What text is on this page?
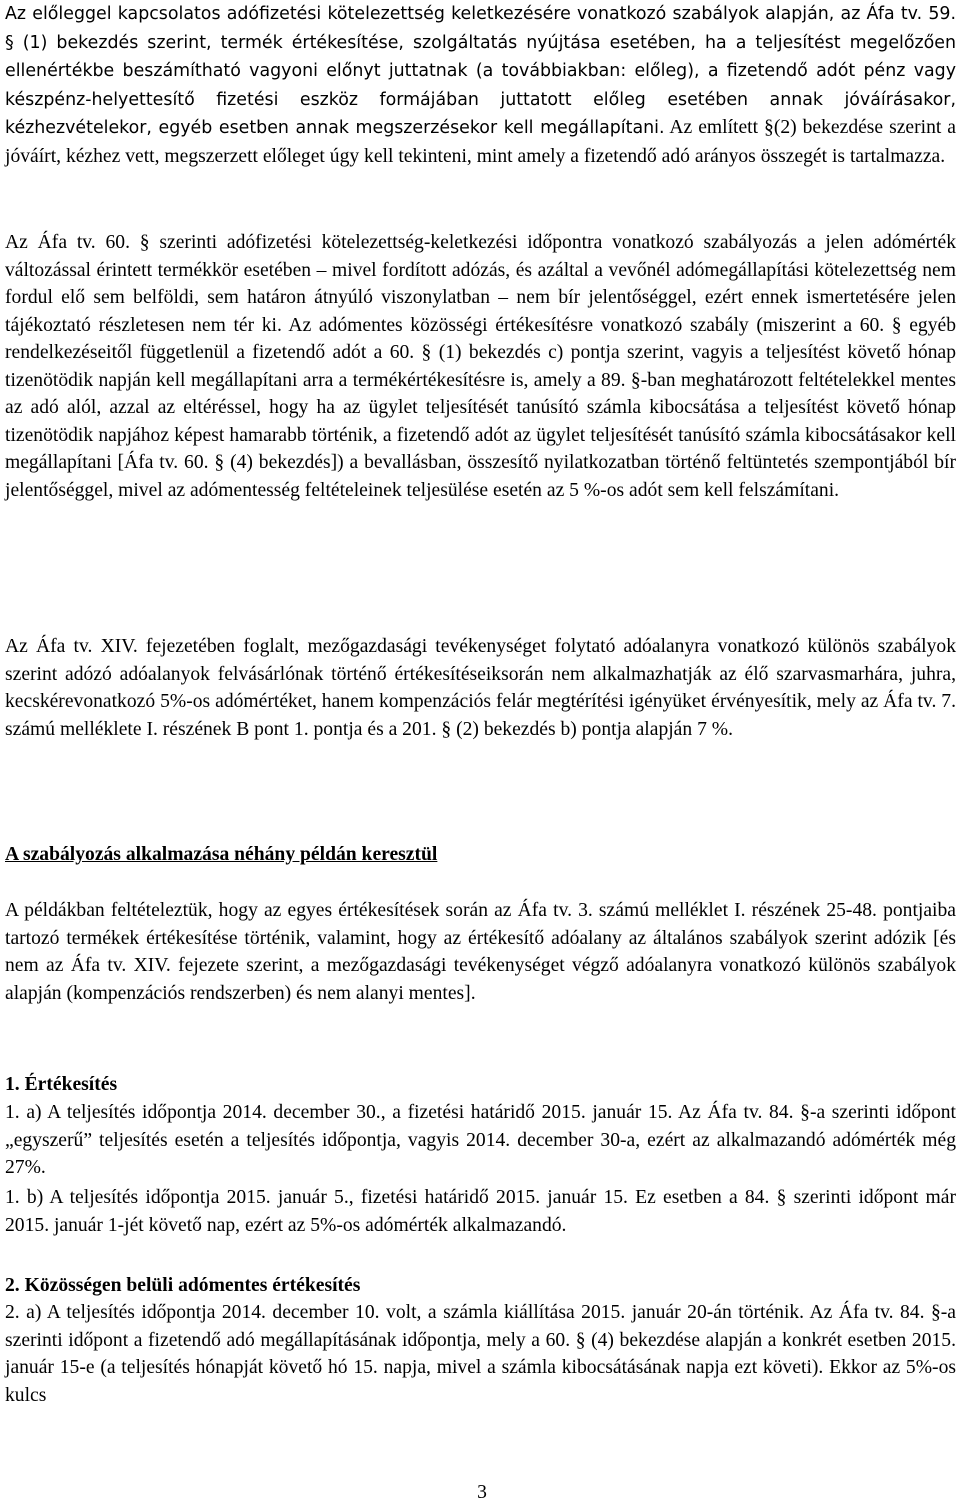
Az előleggel kapcsolatos adófizetési kötelezettség keletkezésére vonatkozó szabályok alapján, az Áfa tv. 59. § (1) bekezdés szerint, termék értékesítése, szolgáltatás nyújtása esetében, ha a teljesítést megelőzően ellenértékbe beszámítható vagyoni előnyt juttatnak (a továbbiakban: előleg), a fizetendő adót pénz vagy készpénz-helyettesítő fizetési eszköz formájában juttatott előleg esetében annak jóváírásakor, kézhezvételekor, egyéb esetben annak megszerzésekor kell megállapítani. Az említett §(2) bekezdése szerint a jóváírt, kézhez vett, megszerzett előleget úgy kell tekinteni, mint amely a fizetendő adó arányos összegét is tartalmazza.

Az Áfa tv. 60. § szerinti adófizetési kötelezettség-keletkezési időpontra vonatkozó szabályozás a jelen adómérték változással érintett termékkör esetében – mivel fordított adózás, és azáltal a vevőnél adómegállapítási kötelezettség nem fordul elő sem belföldi, sem határon átnyúló viszonylatban – nem bír jelentőséggel, ezért ennek ismertetésére jelen tájékoztató részletesen nem tér ki. Az adómentes közösségi értékesítésre vonatkozó szabály (miszerint a 60. § egyéb rendelkezéseitől függetlenül a fizetendő adót a 60. § (1) bekezdés c) pontja szerint, vagyis a teljesítést követő hónap tizenötödik napján kell megállapítani arra a termékértékesítésre is, amely a 89. §-ban meghatározott feltételekkel mentes az adó alól, azzal az eltéréssel, hogy ha az ügylet teljesítését tanúsító számla kibocsátása a teljesítést követő hónap tizenötödik napjához képest hamarabb történik, a fizetendő adót az ügylet teljesítését tanúsító számla kibocsátásakor kell megállapítani [Áfa tv. 60. § (4) bekezdés]) a bevallásban, összesítő nyilatkozatban történő feltüntetés szempontjából bír jelentőséggel, mivel az adómentesség feltételeinek teljesülése esetén az 5 %-os adót sem kell felszámítani.

Az Áfa tv. XIV. fejezetében foglalt, mezőgazdasági tevékenységet folytató adóalanyra vonatkozó különös szabályok szerint adózó adóalanyok felvásárlónak történő értékesítéseiksorán nem alkalmazhatják az élő szarvasmarhára, juhra, kecskérevonatkozó 5%-os adómértéket, hanem kompenzációs felár megtérítési igényüket érvényesítik, mely az Áfa tv. 7. számú melléklete I. részének B pont 1. pontja és a 201. § (2) bekezdés b) pontja alapján 7 %.

A szabályozás alkalmazása néhány példán keresztül

A példákban feltételeztük, hogy az egyes értékesítések során az Áfa tv. 3. számú melléklet I. részének 25-48. pontjaiba tartozó termékek értékesítése történik, valamint, hogy az értékesítő adóalany az általános szabályok szerint adózik [és nem az Áfa tv. XIV. fejezete szerint, a mezőgazdasági tevékenységet végző adóalanyra vonatkozó különös szabályok alapján (kompenzációs rendszerben) és nem alanyi mentes].

1. Értékesítés

1. a) A teljesítés időpontja 2014. december 30., a fizetési határidő 2015. január 15. Az Áfa tv. 84. §-a szerinti időpont „egyszerű” teljesítés esetén a teljesítés időpontja, vagyis 2014. december 30-a, ezért az alkalmazandó adómérték még 27%.

1. b) A teljesítés időpontja 2015. január 5., fizetési határidő 2015. január 15. Ez esetben a 84. § szerinti időpont már 2015. január 1-jét követő nap, ezért az 5%-os adómérték alkalmazandó.

2. Közösségen belüli adómentes értékesítés

2. a) A teljesítés időpontja 2014. december 10. volt, a számla kiállítása 2015. január 20-án történik. Az Áfa tv. 84. §-a szerinti időpont a fizetendő adó megállapításának időpontja, mely a 60. § (4) bekezdése alapján a konkrét esetben 2015. január 15-e (a teljesítés hónapját követő hó 15. napja, mivel a számla kibocsátásának napja ezt követi). Ekkor az 5%-os kulcs

3
